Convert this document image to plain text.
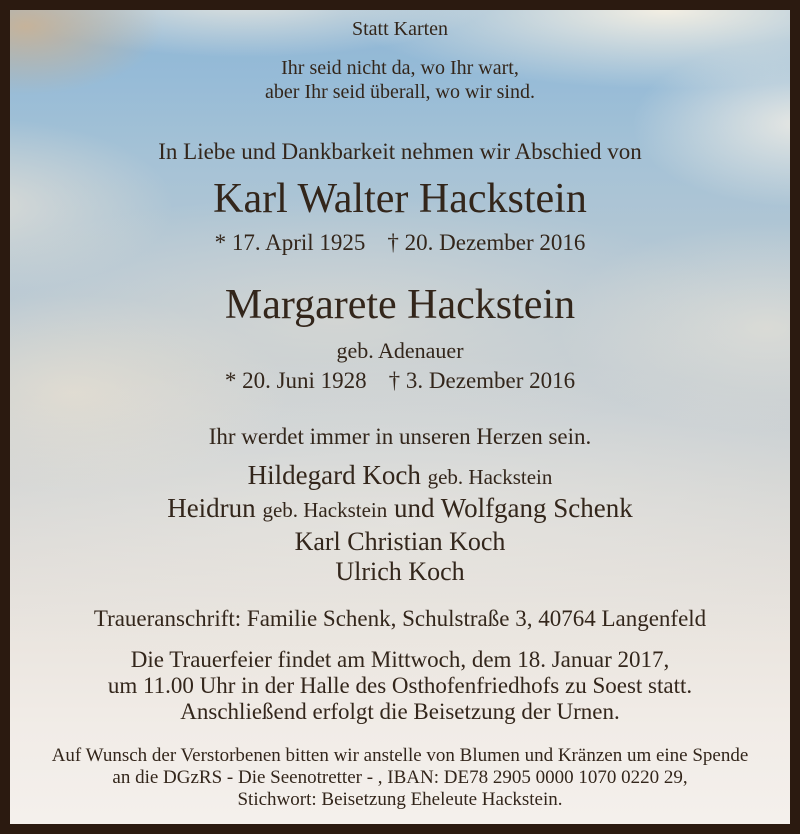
Statt Karten
Ihr seid nicht da, wo Ihr wart,
aber Ihr seid überall, wo wir sind.
In Liebe und Dankbarkeit nehmen wir Abschied von
Karl Walter Hackstein
* 17. April 1925 † 20. Dezember 2016
Margarete Hackstein
geb. Adenauer
* 20. Juni 1928 † 3. Dezember 2016
Ihr werdet immer in unseren Herzen sein.
Hildegard Koch geb. Hackstein
Heidrun geb. Hackstein und Wolfgang Schenk
Karl Christian Koch
Ulrich Koch
Traueranschrift: Familie Schenk, Schulstraße 3, 40764 Langenfeld
Die Trauerfeier findet am Mittwoch, dem 18. Januar 2017,
um 11.00 Uhr in der Halle des Osthofenfriedhofs zu Soest statt.
Anschließend erfolgt die Beisetzung der Urnen.
Auf Wunsch der Verstorbenen bitten wir anstelle von Blumen und Kränzen um eine Spende
an die DGzRS - Die Seenotretter - , IBAN: DE78 2905 0000 1070 0220 29,
Stichwort: Beisetzung Eheleute Hackstein.
